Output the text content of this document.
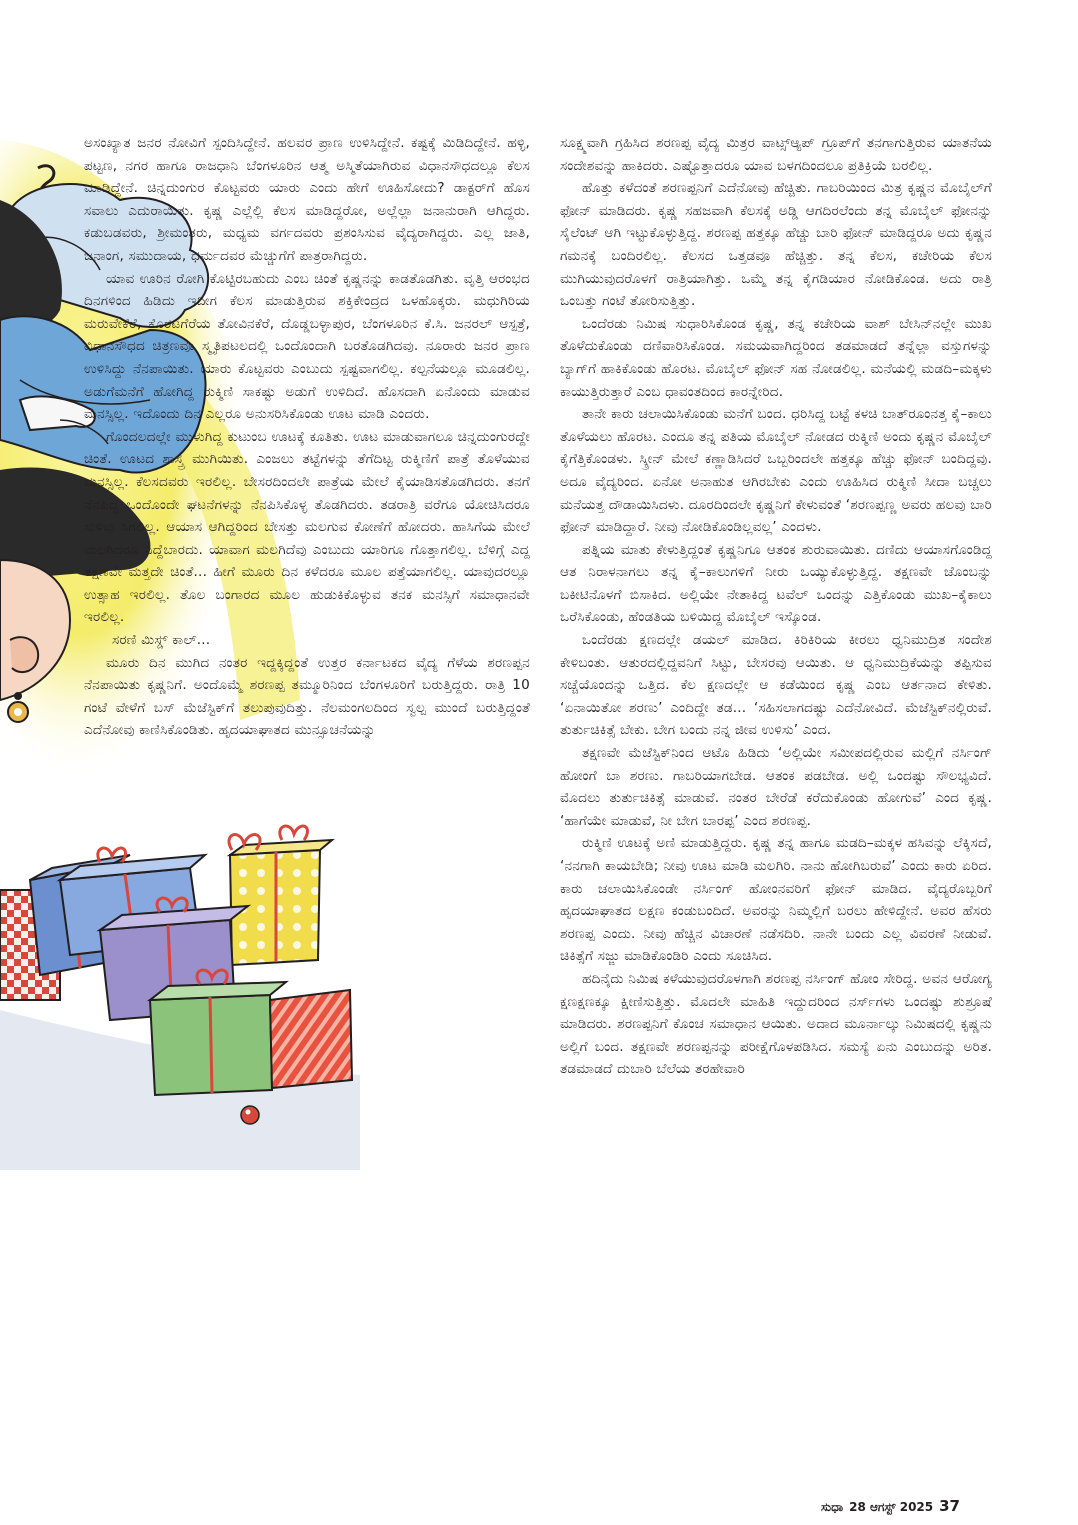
ಅಸಂಖ್ಯಾತ ಜನರ ನೋವಿಗೆ ಸ್ಪಂದಿಸಿದ್ದೇನೆ. ಹಲವರ ಪ್ರಾಣ ಉಳಿಸಿದ್ದೇನೆ. ಕಷ್ಟಕ್ಕೆ ಮಿಡಿದಿದ್ದೇನೆ. ಹಳ್ಳಿ, ಪಟ್ಟಣ, ನಗರ ಹಾಗೂ ರಾಜಧಾನಿ ಬೆಂಗಳೂರಿನ ಆತ್ಮ ಅಸ್ಮಿತೆಯಾಗಿರುವ ವಿಧಾನಸೌಧದಲ್ಲೂ ಕೆಲಸ ಮಾಡಿದ್ದೇನೆ. ಚಿನ್ನದುಂಗುರ ಕೊಟ್ಟವರು ಯಾರು ಎಂದು ಹೇಗೆ ಊಹಿಸೋದು? ಡಾಕ್ಟರ್‌ಗೆ ಹೊಸ ಸವಾಲು ಎದುರಾಯಿತು. ಕೃಷ್ಣ ಎಲ್ಲೆಲ್ಲಿ ಕೆಲಸ ಮಾಡಿದ್ದರೋ, ಅಲ್ಲೆಲ್ಲಾ ಜನಾನುರಾಗಿ ಆಗಿದ್ದರು. ಕಡುಬಡವರು, ಶ್ರೀಮಂತರು, ಮಧ್ಯಮ ವರ್ಗದವರು ಪ್ರಶಂಸಿಸುವ ವೈದ್ಯರಾಗಿದ್ದರು. ಎಲ್ಲ ಜಾತಿ, ಜನಾಂಗ, ಸಮುದಾಯ, ಧರ್ಮದವರ ಮೆಚ್ಚುಗೆಗೆ ಪಾತ್ರರಾಗಿದ್ದರು.

ಯಾವ ಊರಿನ ರೋಗಿ ಕೊಟ್ಟಿರಬಹುದು ಎಂಬ ಚಿಂತೆ ಕೃಷ್ಣನನ್ನು ಕಾಡತೊಡಗಿತು. ವೃತ್ತಿ ಆರಂಭದ ದಿನಗಳಿಂದ ಹಿಡಿದು ಇದೀಗ ಕೆಲಸ ಮಾಡುತ್ತಿರುವ ಶಕ್ತಿಕೇಂದ್ರದ ಒಳಹೊಕ್ಕರು. ಮಧುಗಿರಿಯ ಮರುವೇಕೆರೆ, ಕೊರಟಗೆರೆಯ ತೋವಿನಕೆರೆ, ದೊಡ್ಡಬಳ್ಳಾಪುರ, ಬೆಂಗಳೂರಿನ ಕೆ.ಸಿ. ಜನರಲ್ ಆಸ್ಪತ್ರೆ, ವಿಧಾನಸೌಧದ ಚಿತ್ರಣವೂ ಸ್ಮೃತಿಪಟಲದಲ್ಲಿ ಒಂದೊಂದಾಗಿ ಬರತೊಡಗಿದವು. ನೂರಾರು ಜನರ ಪ್ರಾಣ ಉಳಿಸಿದ್ದು ನೆನಪಾಯಿತು. ಯಾರು ಕೊಟ್ಟವರು ಎಂಬುದು ಸ್ಪಷ್ಟವಾಗಲಿಲ್ಲ. ಕಲ್ಪನೆಯಲ್ಲೂ ಮೂಡಲಿಲ್ಲ. ಅಡುಗೆಮನೆಗೆ ಹೋಗಿದ್ದ ರುಕ್ಮಿಣಿ ಸಾಕಷ್ಟು ಅಡುಗೆ ಉಳಿದಿದೆ. ಹೊಸದಾಗಿ ಏನೊಂದು ಮಾಡುವ ಮನಸ್ಸಿಲ್ಲ. ಇದೊಂದು ದಿನ ಎಲ್ಲರೂ ಅನುಸರಿಸಿಕೊಂಡು ಊಟ ಮಾಡಿ ಎಂದರು.

ಗೊಂದಲದಲ್ಲೇ ಮುಳುಗಿದ್ದ ಕುಟುಂಬ ಊಟಕ್ಕೆ ಕೂತಿತು. ಊಟ ಮಾಡುವಾಗಲೂ ಚಿನ್ನದುಂಗುರದ್ದೇ ಚಿಂತೆ. ಊಟದ ಶಾಸ್ತ್ರ ಮುಗಿಯಿತು. ಎಂಜಲು ತಟ್ಟೆಗಳನ್ನು ತೆಗೆದಿಟ್ಟ ರುಕ್ಮಿಣಿಗೆ ಪಾತ್ರೆ ತೊಳೆಯುವ ಮನಸ್ಸಿಲ್ಲ. ಕೆಲಸದವರು ಇರಲಿಲ್ಲ. ಬೇಸರದಿಂದಲೇ ಪಾತ್ರೆಯ ಮೇಲೆ ಕೈಯಾಡಿಸತೊಡಗಿದರು. ತನಗೆ ನೆನಪಿದ್ದ ಒಂದೊಂದೇ ಘಟನೆಗಳನ್ನು ನೆನಪಿಸಿಕೊಳ್ಳ ತೊಡಗಿದರು. ತಡರಾತ್ರಿ ವರೆಗೂ ಯೋಚಿಸಿದರೂ ಸುಳಿವು ಸಿಗಲಿಲ್ಲ. ಆಯಾಸ ಆಗಿದ್ದರಿಂದ ಬೇಸತ್ತು ಮಲಗುವ ಕೋಣೆಗೆ ಹೋದರು. ಹಾಸಿಗೆಯ ಮೇಲೆ ಮಲಗಿದರೂ ನಿದ್ದೆಬಾರದು. ಯಾವಾಗ ಮಲಗಿದೆವು ಎಂಬುದು ಯಾರಿಗೂ ಗೊತ್ತಾಗಲಿಲ್ಲ. ಬೆಳಿಗ್ಗೆ ಎದ್ದ ತಕ್ಷಣವೇ ಮತ್ತದೇ ಚಿಂತೆ... ಹೀಗೆ ಮೂರು ದಿನ ಕಳೆದರೂ ಮೂಲ ಪತ್ತೆಯಾಗಲಿಲ್ಲ. ಯಾವುದರಲ್ಲೂ ಉತ್ಸಾಹ ಇರಲಿಲ್ಲ. ತೊಲ ಬಂಗಾರದ ಮೂಲ ಹುಡುಕಿಕೊಳ್ಳುವ ತನಕ ಮನಸ್ಸಿಗೆ ಸಮಾಧಾನವೇ ಇರಲಿಲ್ಲ.

ಸರಣಿ ಮಿಸ್ಡ್ ಕಾಲ್...

ಮೂರು ದಿನ ಮುಗಿದ ನಂತರ ಇದ್ದಕ್ಕಿದ್ದಂತೆ ಉತ್ತರ ಕರ್ನಾಟಕದ ವೈದ್ಯ ಗೆಳೆಯ ಶರಣಪ್ಪನ ನೆನಪಾಯಿತು ಕೃಷ್ಣನಿಗೆ. ಅಂದೊಮ್ಮೆ ಶರಣಪ್ಪ ತಮ್ಮೂರಿನಿಂದ ಬೆಂಗಳೂರಿಗೆ ಬರುತ್ತಿದ್ದರು. ರಾತ್ರಿ 10 ಗಂಟೆ ವೇಳೆಗೆ ಬಸ್ ಮೆಜೆಸ್ಟಿಕ್‌ಗೆ ತಲುಪುವುದಿತ್ತು. ನೆಲಮಂಗಲದಿಂದ ಸ್ವಲ್ಪ ಮುಂದೆ ಬರುತ್ತಿದ್ದಂತೆ ಎದೆನೋವು ಕಾಣಿಸಿಕೊಂಡಿತು. ಹೃದಯಾಘಾತದ ಮುನ್ಸೂಚನೆಯನ್ನು

ಸೂಕ್ಷ್ಮವಾಗಿ ಗ್ರಹಿಸಿದ ಶರಣಪ್ಪ ವೈದ್ಯ ಮಿತ್ರರ ವಾಟ್ಸ್‌ಆ್ಯಪ್ ಗ್ರೂಪ್‌ಗೆ ತನಗಾಗುತ್ತಿರುವ ಯಾತನೆಯ ಸಂದೇಶವನ್ನು ಹಾಕಿದರು. ಎಷ್ಟೊತ್ತಾದರೂ ಯಾವ ಬಳಗದಿಂದಲೂ ಪ್ರತಿಕ್ರಿಯೆ ಬರಲಿಲ್ಲ.

ಹೊತ್ತು ಕಳೆದಂತೆ ಶರಣಪ್ಪನಿಗೆ ಎದೆನೋವು ಹೆಚ್ಚಿತು. ಗಾಬರಿಯಿಂದ ಮಿತ್ರ ಕೃಷ್ಣನ ಮೊಬೈಲ್‌ಗೆ ಫೋನ್ ಮಾಡಿದರು. ಕೃಷ್ಣ ಸಹಜವಾಗಿ ಕೆಲಸಕ್ಕೆ ಅಡ್ಡಿ ಆಗದಿರಲೆಂದು ತನ್ನ ಮೊಬೈಲ್ ಫೋನನ್ನು ಸೈಲೆಂಟ್ ಆಗಿ ಇಟ್ಟುಕೊಳ್ಳುತ್ತಿದ್ದ. ಶರಣಪ್ಪ ಹತ್ತಕ್ಕೂ ಹೆಚ್ಚು ಬಾರಿ ಫೋನ್ ಮಾಡಿದ್ದರೂ ಅದು ಕೃಷ್ಣನ ಗಮನಕ್ಕೆ ಬಂದಿರಲಿಲ್ಲ. ಕೆಲಸದ ಒತ್ತಡವೂ ಹೆಚ್ಚಿತ್ತು. ತನ್ನ ಕೆಲಸ, ಕಚೇರಿಯ ಕೆಲಸ ಮುಗಿಯುವುದರೊಳಗೆ ರಾತ್ರಿಯಾಗಿತ್ತು. ಒಮ್ಮೆ ತನ್ನ ಕೈಗಡಿಯಾರ ನೋಡಿಕೊಂಡ. ಅದು ರಾತ್ರಿ ಒಂಬತ್ತು ಗಂಟೆ ತೋರಿಸುತ್ತಿತ್ತು.

ಒಂದೆರಡು ನಿಮಿಷ ಸುಧಾರಿಸಿಕೊಂಡ ಕೃಷ್ಣ, ತನ್ನ ಕಚೇರಿಯ ವಾಶ್ ಬೇಸಿನ್‌ನಲ್ಲೇ ಮುಖ ತೊಳೆದುಕೊಂಡು ದಣಿವಾರಿಸಿಕೊಂಡ. ಸಮಯವಾಗಿದ್ದರಿಂದ ತಡಮಾಡದೆ ತನ್ನೆಲ್ಲಾ ವಸ್ತುಗಳನ್ನು ಬ್ಯಾಗ್‌ಗೆ ಹಾಕಿಕೊಂಡು ಹೊರಟ. ಮೊಬೈಲ್ ಫೋನ್ ಸಹ ನೋಡಲಿಲ್ಲ. ಮನೆಯಲ್ಲಿ ಮಡದಿ–ಮಕ್ಕಳು ಕಾಯುತ್ತಿರುತ್ತಾರೆ ಎಂಬ ಧಾವಂತದಿಂದ ಕಾರನ್ನೇರಿದ.

ತಾನೇ ಕಾರು ಚಲಾಯಿಸಿಕೊಂಡು ಮನೆಗೆ ಬಂದ. ಧರಿಸಿದ್ದ ಬಟ್ಟೆ ಕಳಚಿ ಬಾತ್‌ರೂಂನತ್ತ ಕೈ–ಕಾಲು ತೊಳೆಯಲು ಹೊರಟ. ಎಂದೂ ತನ್ನ ಪತಿಯ ಮೊಬೈಲ್ ನೋಡದ ರುಕ್ಮಿಣಿ ಅಂದು ಕೃಷ್ಣನ ಮೊಬೈಲ್ ಕೈಗೆತ್ತಿಕೊಂಡಳು. ಸ್ಕ್ರೀನ್ ಮೇಲೆ ಕಣ್ಣಾಡಿಸಿದರೆ ಒಬ್ಬರಿಂದಲೇ ಹತ್ತಕ್ಕೂ ಹೆಚ್ಚು ಫೋನ್ ಬಂದಿದ್ದವು. ಅದೂ ವೈದ್ಯರಿಂದ. ಏನೋ ಅನಾಹುತ ಆಗಿರಬೇಕು ಎಂದು ಊಹಿಸಿದ ರುಕ್ಮಿಣಿ ಸೀದಾ ಬಚ್ಚಲು ಮನೆಯತ್ತ ದೌಡಾಯಿಸಿದಳು. ದೂರದಿಂದಲೇ ಕೃಷ್ಣನಿಗೆ ಕೇಳುವಂತೆ ‘ಶರಣಪ್ಪಣ್ಣ ಅವರು ಹಲವು ಬಾರಿ ಫೋನ್ ಮಾಡಿದ್ದಾರೆ. ನೀವು ನೋಡಿಕೊಂಡಿಲ್ಲವಲ್ಲ’ ಎಂದಳು.

ಪತ್ನಿಯ ಮಾತು ಕೇಳುತ್ತಿದ್ದಂತೆ ಕೃಷ್ಣನಿಗೂ ಆತಂಕ ಶುರುವಾಯಿತು. ದಣಿದು ಆಯಾಸಗೊಂಡಿದ್ದ ಆತ ನಿರಾಳನಾಗಲು ತನ್ನ ಕೈ–ಕಾಲುಗಳಿಗೆ ನೀರು ಒಯ್ಯುಕೊಳ್ಳುತ್ತಿದ್ದ. ತಕ್ಷಣವೇ ಚೊಂಬನ್ನು ಬಕೀಟಿನೊಳಗೆ ಬಿಸಾಕಿದ. ಅಲ್ಲಿಯೇ ನೇತಾಕಿದ್ದ ಟವೆಲ್ ಒಂದನ್ನು ಎತ್ತಿಕೊಂಡು ಮುಖ–ಕೈಕಾಲು ಒರೆಸಿಕೊಂಡು, ಹೆಂಡತಿಯ ಬಳಿಯಿದ್ದ ಮೊಬೈಲ್ ಇಸ್ಕೊಂಡ.

ಒಂದೆರಡು ಕ್ಷಣದಲ್ಲೇ ಡಯಲ್ ಮಾಡಿದ. ಕಿರಿಕಿರಿಯ ಕೀರಲು ಧ್ವನಿಮುದ್ರಿತ ಸಂದೇಶ ಕೇಳಿಬಂತು. ಆತುರದಲ್ಲಿದ್ದವನಿಗೆ ಸಿಟ್ಟು, ಬೇಸರವು ಆಯಿತು. ಆ ಧ್ವನಿಮುದ್ರಿಕೆಯನ್ನು ತಪ್ಪಿಸುವ ಸಚ್ಚೆಯೊಂದನ್ನು ಒತ್ತಿದ. ಕೆಲ ಕ್ಷಣದಲ್ಲೇ ಆ ಕಡೆಯಿಂದ ಕೃಷ್ಣ ಎಂಬ ಆರ್ತನಾದ ಕೇಳಿತು. ‘ಏನಾಯಿತೋ ಶರಣು’ ಎಂದಿದ್ದೇ ತಡ... ‘ಸಹಿಸಲಾಗದಷ್ಟು ಎದೆನೋವಿದೆ. ಮೆಜೆಸ್ಟಿಕ್‌ನಲ್ಲಿರುವೆ. ತುರ್ತುಚಿಕಿತ್ಸೆ ಬೇಕು. ಬೇಗ ಬಂದು ನನ್ನ ಜೀವ ಉಳಿಸು’ ಎಂದ.

ತಕ್ಷಣವೇ ಮೆಜೆಸ್ಟಿಕ್‌ನಿಂದ ಆಟೊ ಹಿಡಿದು ‘ಅಲ್ಲಿಯೇ ಸಮೀಪದಲ್ಲಿರುವ ಮಲ್ಲಿಗೆ ನರ್ಸಿಂಗ್ ಹೋಂಗೆ ಬಾ ಶರಣು. ಗಾಬರಿಯಾಗಬೇಡ. ಆತಂಕ ಪಡಬೇಡ. ಅಲ್ಲಿ ಒಂದಷ್ಟು ಸೌಲಭ್ಯವಿದೆ. ಮೊದಲು ತುರ್ತುಚಿಕಿತ್ಸೆ ಮಾಡುವೆ. ನಂತರ ಬೇರೆಡೆ ಕರೆದುಕೊಂಡು ಹೋಗುವೆ’ ಎಂದ ಕೃಷ್ಣ. ‘ಹಾಗೆಯೇ ಮಾಡುವೆ, ನೀ ಬೇಗ ಬಾರಪ್ಪ’ ಎಂದ ಶರಣಪ್ಪ.

ರುಕ್ಮಿಣಿ ಊಟಕ್ಕೆ ಅಣಿ ಮಾಡುತ್ತಿದ್ದರು. ಕೃಷ್ಣ ತನ್ನ ಹಾಗೂ ಮಡದಿ–ಮಕ್ಕಳ ಹಸಿವನ್ನು ಲೆಕ್ಕಿಸದೆ, ‘ನನಗಾಗಿ ಕಾಯಬೇಡಿ; ನೀವು ಊಟ ಮಾಡಿ ಮಲಗಿರಿ. ನಾನು ಹೋಗಿಬರುವೆ’ ಎಂದು ಕಾರು ಏರಿದ. ಕಾರು ಚಲಾಯಿಸಿಕೊಂಡೇ ನರ್ಸಿಂಗ್ ಹೋಂನವರಿಗೆ ಫೋನ್ ಮಾಡಿದ. ವೈದ್ಯರೊಬ್ಬರಿಗೆ ಹೃದಯಾಘಾತದ ಲಕ್ಷಣ ಕಂಡುಬಂದಿದೆ. ಅವರನ್ನು ನಿಮ್ಮಲ್ಲಿಗೆ ಬರಲು ಹೇಳಿದ್ದೇನೆ. ಅವರ ಹೆಸರು ಶರಣಪ್ಪ ಎಂದು. ನೀವು ಹೆಚ್ಚಿನ ವಿಚಾರಣೆ ನಡೆಸದಿರಿ. ನಾನೇ ಬಂದು ಎಲ್ಲ ವಿವರಣೆ ನೀಡುವೆ. ಚಿಕಿತ್ಸೆಗೆ ಸಜ್ಜು ಮಾಡಿಕೊಂಡಿರಿ ಎಂದು ಸೂಚಿಸಿದ.

ಹದಿನೈದು ನಿಮಿಷ ಕಳೆಯುವುದರೊಳಗಾಗಿ ಶರಣಪ್ಪ ನರ್ಸಿಂಗ್ ಹೋಂ ಸೇರಿದ್ದ. ಅವನ ಆರೋಗ್ಯ ಕ್ಷಣಕ್ಷಣಕ್ಕೂ ಕ್ಷೀಣಿಸುತ್ತಿತ್ತು. ಮೊದಲೇ ಮಾಹಿತಿ ಇದ್ದುದರಿಂದ ನರ್ಸ್‌ಗಳು ಒಂದಷ್ಟು ಶುಶ್ರೂಷೆ ಮಾಡಿದರು. ಶರಣಪ್ಪನಿಗೆ ಕೊಂಚ ಸಮಾಧಾನ ಆಯಿತು. ಅದಾದ ಮೂರ್ನಾಲ್ಕು ನಿಮಿಷದಲ್ಲಿ ಕೃಷ್ಣನು ಅಲ್ಲಿಗೆ ಬಂದ. ತಕ್ಷಣವೇ ಶರಣಪ್ಪನನ್ನು ಪರೀಕ್ಷೆಗೊಳಪಡಿಸಿದ. ಸಮಸ್ಯೆ ಏನು ಎಂಬುದನ್ನು ಅರಿತ. ತಡಮಾಡದೆ ದುಬಾರಿ ಬೆಲೆಯ ತರಹೇವಾರಿ

ಸುಧಾ 28 ಆಗಸ್ಟ್ 2025 37
